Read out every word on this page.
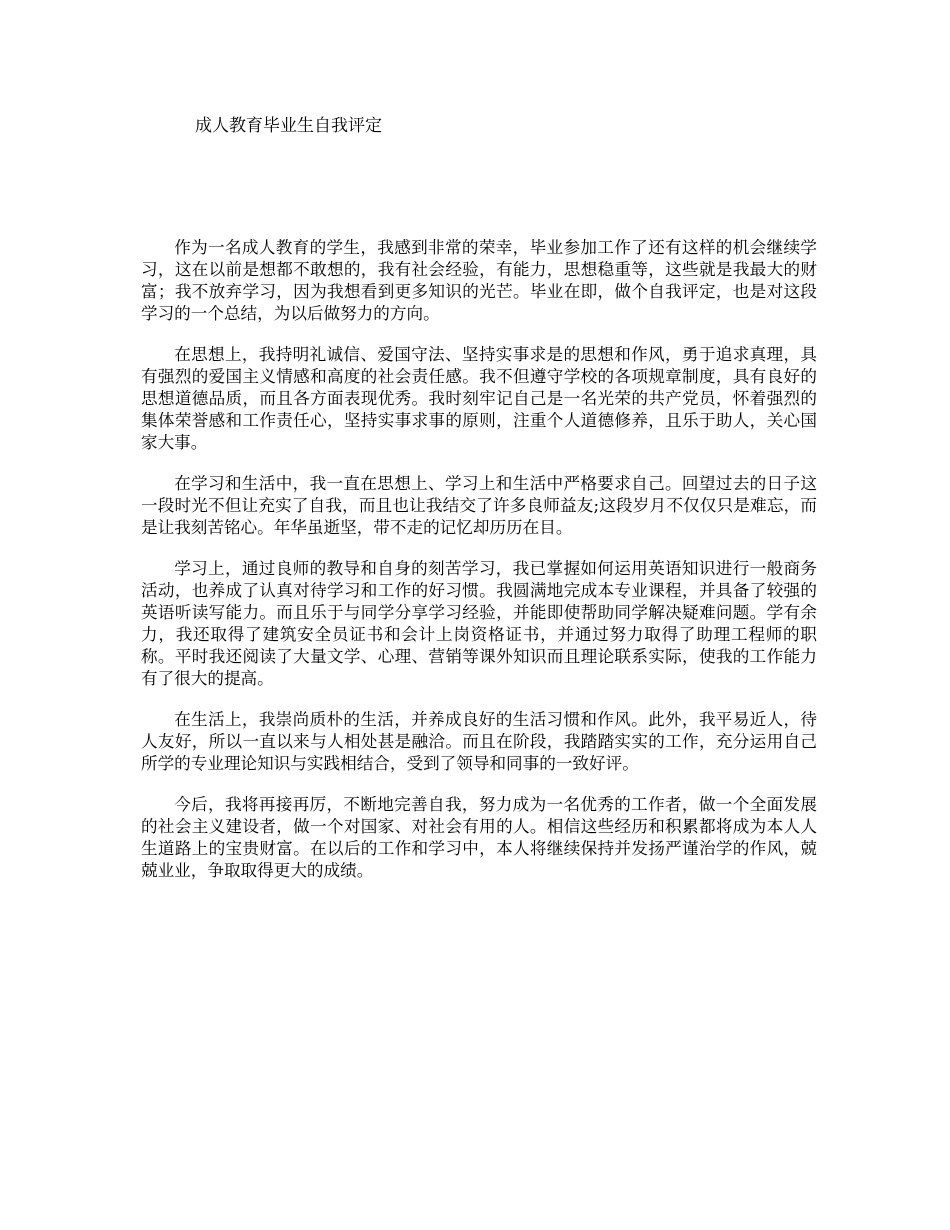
成人教育毕业生自我评定

作为一名成人教育的学生，我感到非常的荣幸，毕业参加工作了还有这样的机会继续学习，这在以前是想都不敢想的，我有社会经验，有能力，思想稳重等，这些就是我最大的财富；我不放弃学习，因为我想看到更多知识的光芒。毕业在即，做个自我评定，也是对这段学习的一个总结，为以后做努力的方向。

在思想上，我持明礼诚信、爱国守法、坚持实事求是的思想和作风，勇于追求真理，具有强烈的爱国主义情感和高度的社会责任感。我不但遵守学校的各项规章制度，具有良好的思想道德品质，而且各方面表现优秀。我时刻牢记自己是一名光荣的共产党员，怀着强烈的集体荣誉感和工作责任心，坚持实事求事的原则，注重个人道德修养，且乐于助人，关心国家大事。

在学习和生活中，我一直在思想上、学习上和生活中严格要求自己。回望过去的日子这一段时光不但让充实了自我，而且也让我结交了许多良师益友;这段岁月不仅仅只是难忘，而是让我刻苦铭心。年华虽逝坚，带不走的记忆却历历在目。

学习上，通过良师的教导和自身的刻苦学习，我已掌握如何运用英语知识进行一般商务活动，也养成了认真对待学习和工作的好习惯。我圆满地完成本专业课程，并具备了较强的英语听读写能力。而且乐于与同学分享学习经验，并能即使帮助同学解决疑难问题。学有余力，我还取得了建筑安全员证书和会计上岗资格证书，并通过努力取得了助理工程师的职称。平时我还阅读了大量文学、心理、营销等课外知识而且理论联系实际，使我的工作能力有了很大的提高。

在生活上，我崇尚质朴的生活，并养成良好的生活习惯和作风。此外，我平易近人，待人友好，所以一直以来与人相处甚是融洽。而且在阶段，我踏踏实实的工作，充分运用自己所学的专业理论知识与实践相结合，受到了领导和同事的一致好评。

今后，我将再接再厉，不断地完善自我，努力成为一名优秀的工作者，做一个全面发展的社会主义建设者，做一个对国家、对社会有用的人。相信这些经历和积累都将成为本人人生道路上的宝贵财富。在以后的工作和学习中，本人将继续保持并发扬严谨治学的作风，兢兢业业，争取取得更大的成绩。
